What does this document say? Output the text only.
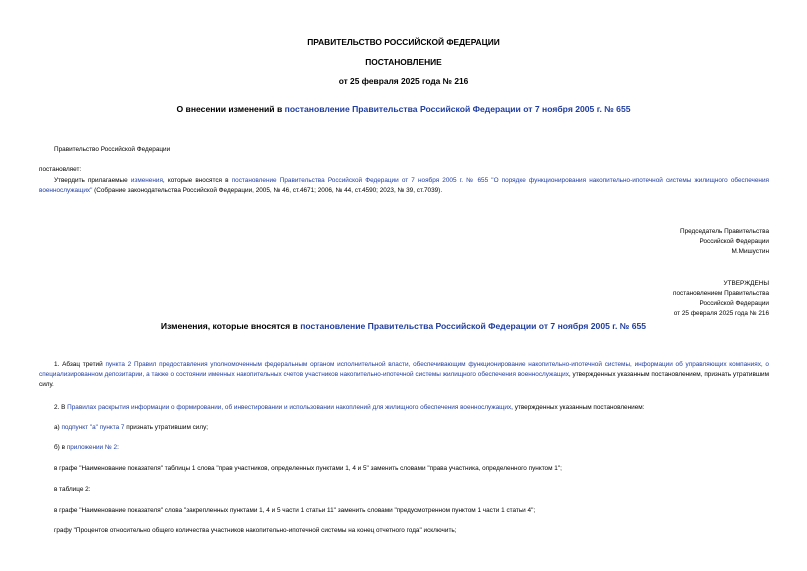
ПРАВИТЕЛЬСТВО РОССИЙСКОЙ ФЕДЕРАЦИИ
ПОСТАНОВЛЕНИЕ
от 25 февраля 2025 года № 216
О внесении изменений в постановление Правительства Российской Федерации от 7 ноября 2005 г. № 655
Правительство Российской Федерации
постановляет:
Утвердить прилагаемые изменения, которые вносятся в постановление Правительства Российской Федерации от 7 ноября 2005 г. № 655 "О порядке функционирования накопительно-ипотечной системы жилищного обеспечения военнослужащих" (Собрание законодательства Российской Федерации, 2005, № 46, ст.4671; 2006, № 44, ст.4590; 2023, № 39, ст.7039).
Председатель Правительства
Российской Федерации
М.Мишустин
УТВЕРЖДЕНЫ
постановлением Правительства
Российской Федерации
от 25 февраля 2025 года № 216
Изменения, которые вносятся в постановление Правительства Российской Федерации от 7 ноября 2005 г. № 655
1. Абзац третий пункта 2 Правил предоставления уполномоченным федеральным органом исполнительной власти, обеспечивающим функционирование накопительно-ипотечной системы, информации об управляющих компаниях, о специализированном депозитарии, а также о состоянии именных накопительных счетов участников накопительно-ипотечной системы жилищного обеспечения военнослужащих, утвержденных указанным постановлением, признать утратившим силу.
2. В Правилах раскрытия информации о формировании, об инвестировании и использовании накоплений для жилищного обеспечения военнослужащих, утвержденных указанным постановлением:
а) подпункт "а" пункта 7 признать утратившим силу;
б) в приложении № 2:
в графе "Наименование показателя" таблицы 1 слова "прав участников, определенных пунктами 1, 4 и 5" заменить словами "права участника, определенного пунктом 1";
в таблице 2:
в графе "Наименование показателя" слова "закрепленных пунктами 1, 4 и 5 части 1 статьи 11" заменить словами "предусмотренном пунктом 1 части 1 статьи 4";
графу "Процентов относительно общего количества участников накопительно-ипотечной системы на конец отчетного года" исключить;
